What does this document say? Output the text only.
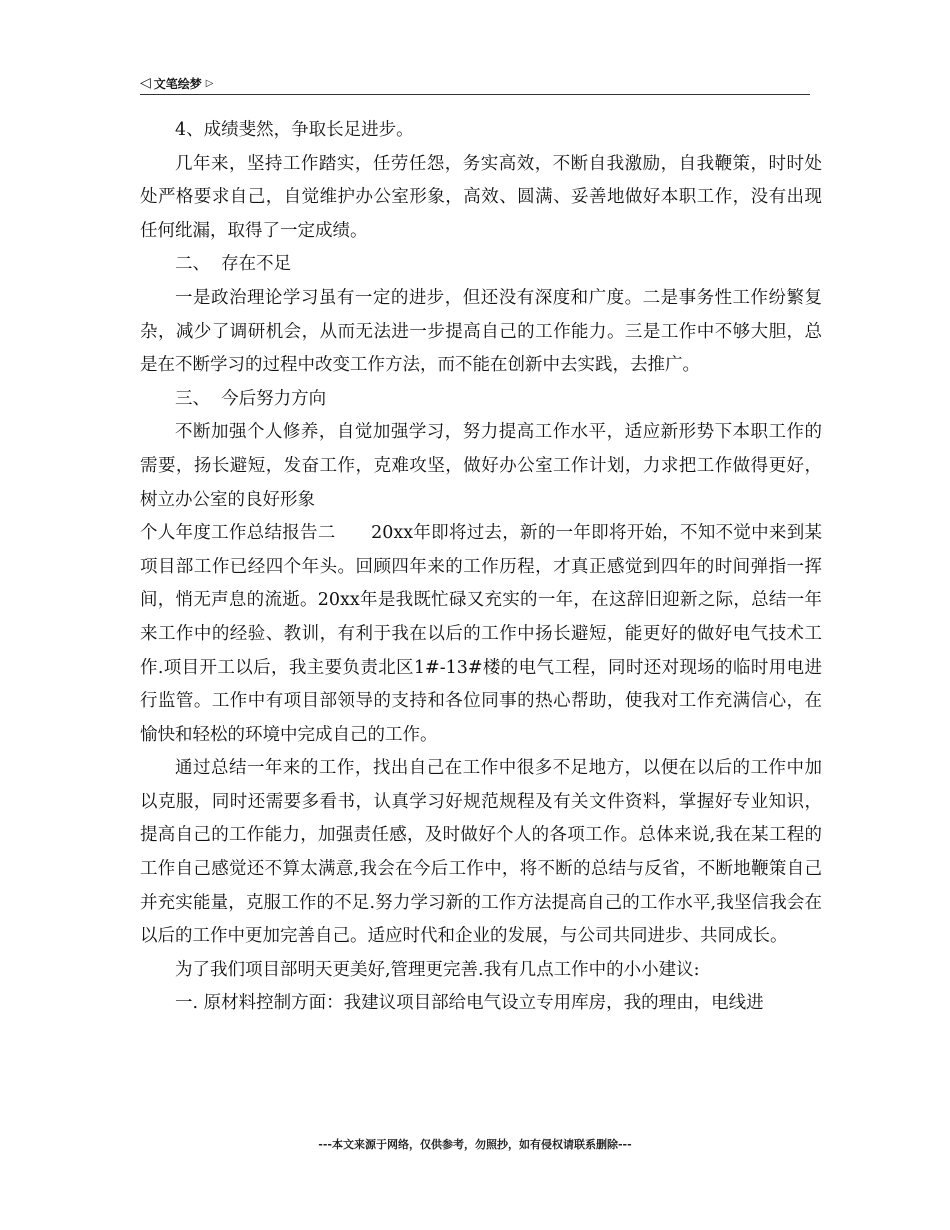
◁ 文笔绘梦 ▷

4、成绩斐然，争取长足进步。

几年来，坚持工作踏实，任劳任怨，务实高效，不断自我激励，自我鞭策，时时处处严格要求自己，自觉维护办公室形象，高效、圆满、妥善地做好本职工作，没有出现任何纰漏，取得了一定成绩。

二、  存在不足

一是政治理论学习虽有一定的进步，但还没有深度和广度。二是事务性工作纷繁复杂，减少了调研机会，从而无法进一步提高自己的工作能力。三是工作中不够大胆，总是在不断学习的过程中改变工作方法，而不能在创新中去实践，去推广。

三、  今后努力方向

不断加强个人修养，自觉加强学习，努力提高工作水平，适应新形势下本职工作的需要，扬长避短，发奋工作，克难攻坚，做好办公室工作计划，力求把工作做得更好，树立办公室的良好形象

个人年度工作总结报告二　　20xx年即将过去，新的一年即将开始，不知不觉中来到某项目部工作已经四个年头。回顾四年来的工作历程，才真正感觉到四年的时间弹指一挥间，悄无声息的流逝。20xx年是我既忙碌又充实的一年，在这辞旧迎新之际，总结一年来工作中的经验、教训，有利于我在以后的工作中扬长避短，能更好的做好电气技术工作.项目开工以后，我主要负责北区1#-13#楼的电气工程，同时还对现场的临时用电进行监管。工作中有项目部领导的支持和各位同事的热心帮助，使我对工作充满信心，在愉快和轻松的环境中完成自己的工作。

通过总结一年来的工作，找出自己在工作中很多不足地方，以便在以后的工作中加以克服，同时还需要多看书，认真学习好规范规程及有关文件资料，掌握好专业知识，提高自己的工作能力，加强责任感，及时做好个人的各项工作。总体来说,我在某工程的工作自己感觉还不算太满意,我会在今后工作中，将不断的总结与反省，不断地鞭策自己并充实能量，克服工作的不足.努力学习新的工作方法提高自己的工作水平,我坚信我会在以后的工作中更加完善自己。适应时代和企业的发展，与公司共同进步、共同成长。

为了我们项目部明天更美好,管理更完善.我有几点工作中的小小建议:

一. 原材料控制方面：我建议项目部给电气设立专用库房，我的理由，电线进

---本文来源于网络，仅供参考，勿照抄，如有侵权请联系删除---
